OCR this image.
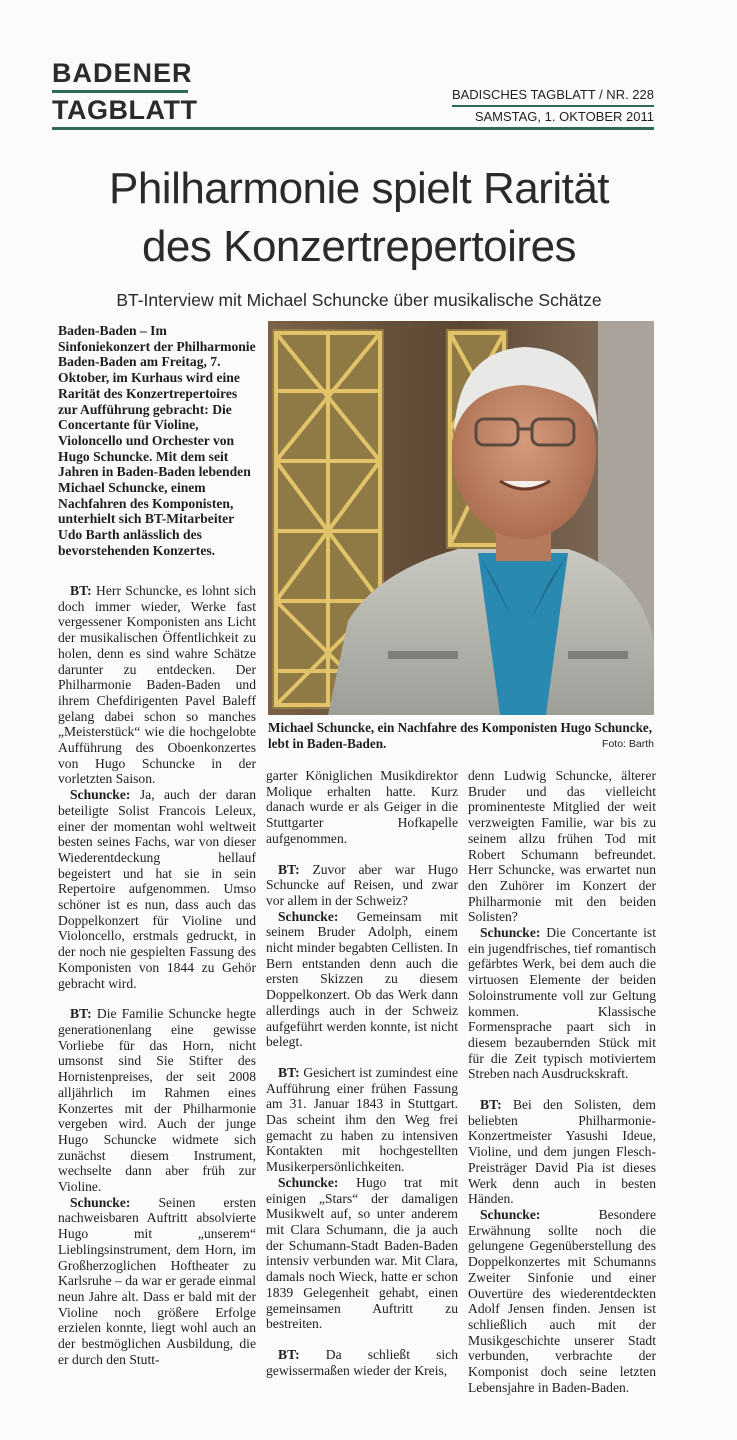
BADENER
TAGBLATT
BADISCHES TAGBLATT / NR. 228
SAMSTAG, 1. OKTOBER 2011
Philharmonie spielt Rarität
des Konzertrepertoires
BT-Interview mit Michael Schuncke über musikalische Schätze

Baden-Baden – Im Sinfoniekonzert der Philharmonie Baden-Baden am Freitag, 7. Oktober, im Kurhaus wird eine Rarität des Konzertrepertoires zur Aufführung gebracht: Die Concertante für Violine, Violoncello und Orchester von Hugo Schuncke. Mit dem seit Jahren in Baden-Baden lebenden Michael Schuncke, einem Nachfahren des Komponisten, unterhielt sich BT-Mitarbeiter Udo Barth anlässlich des bevorstehenden Konzertes.

Michael Schuncke, ein Nachfahre des Komponisten Hugo Schuncke, lebt in Baden-Baden.	Foto: Barth

BT: Herr Schuncke, es lohnt sich doch immer wieder, Werke fast vergessener Komponisten ans Licht der musikalischen Öffentlichkeit zu holen, denn es sind wahre Schätze darunter zu entdecken. Der Philharmonie Baden-Baden und ihrem Chefdirigenten Pavel Baleff gelang dabei schon so manches „Meisterstück“ wie die hochgelobte Aufführung des Oboenkonzertes von Hugo Schuncke in der vorletzten Saison.

Schuncke: Ja, auch der daran beteiligte Solist Francois Leleux, einer der momentan wohl weltweit besten seines Fachs, war von dieser Wiederentdeckung hellauf begeistert und hat sie in sein Repertoire aufgenommen. Umso schöner ist es nun, dass auch das Doppelkonzert für Violine und Violoncello, erstmals gedruckt, in der noch nie gespielten Fassung des Komponisten von 1844 zu Gehör gebracht wird.

BT: Die Familie Schuncke hegte generationenlang eine gewisse Vorliebe für das Horn, nicht umsonst sind Sie Stifter des Hornistenpreises, der seit 2008 alljährlich im Rahmen eines Konzertes mit der Philharmonie vergeben wird. Auch der junge Hugo Schuncke widmete sich zunächst diesem Instrument, wechselte dann aber früh zur Violine.

Schuncke: Seinen ersten nachweisbaren Auftritt absolvierte Hugo mit „unserem“ Lieblingsinstrument, dem Horn, im Großherzoglichen Hoftheater zu Karlsruhe – da war er gerade einmal neun Jahre alt. Dass er bald mit der Violine noch größere Erfolge erzielen konnte, liegt wohl auch an der bestmöglichen Ausbildung, die er durch den Stutt-

garter Königlichen Musikdirektor Molique erhalten hatte. Kurz danach wurde er als Geiger in die Stuttgarter Hofkapelle aufgenommen.

BT: Zuvor aber war Hugo Schuncke auf Reisen, und zwar vor allem in der Schweiz?

Schuncke: Gemeinsam mit seinem Bruder Adolph, einem nicht minder begabten Cellisten. In Bern entstanden denn auch die ersten Skizzen zu diesem Doppelkonzert. Ob das Werk dann allerdings auch in der Schweiz aufgeführt werden konnte, ist nicht belegt.

BT: Gesichert ist zumindest eine Aufführung einer frühen Fassung am 31. Januar 1843 in Stuttgart. Das scheint ihm den Weg frei gemacht zu haben zu intensiven Kontakten mit hochgestellten Musikerpersönlichkeiten.

Schuncke: Hugo trat mit einigen „Stars“ der damaligen Musikwelt auf, so unter anderem mit Clara Schumann, die ja auch der Schumann-Stadt Baden-Baden intensiv verbunden war. Mit Clara, damals noch Wieck, hatte er schon 1839 Gelegenheit gehabt, einen gemeinsamen Auftritt zu bestreiten.

BT: Da schließt sich gewissermaßen wieder der Kreis,

denn Ludwig Schuncke, älterer Bruder und das vielleicht prominenteste Mitglied der weit verzweigten Familie, war bis zu seinem allzu frühen Tod mit Robert Schumann befreundet. Herr Schuncke, was erwartet nun den Zuhörer im Konzert der Philharmonie mit den beiden Solisten?

Schuncke: Die Concertante ist ein jugendfrisches, tief romantisch gefärbtes Werk, bei dem auch die virtuosen Elemente der beiden Soloinstrumente voll zur Geltung kommen. Klassische Formensprache paart sich in diesem bezaubernden Stück mit für die Zeit typisch motiviertem Streben nach Ausdruckskraft.

BT: Bei den Solisten, dem beliebten Philharmonie-Konzertmeister Yasushi Ideue, Violine, und dem jungen Flesch-Preisträger David Pia ist dieses Werk denn auch in besten Händen.

Schuncke: Besondere Erwähnung sollte noch die gelungene Gegenüberstellung des Doppelkonzertes mit Schumanns Zweiter Sinfonie und einer Ouvertüre des wiederentdeckten Adolf Jensen finden. Jensen ist schließlich auch mit der Musikgeschichte unserer Stadt verbunden, verbrachte der Komponist doch seine letzten Lebensjahre in Baden-Baden.
